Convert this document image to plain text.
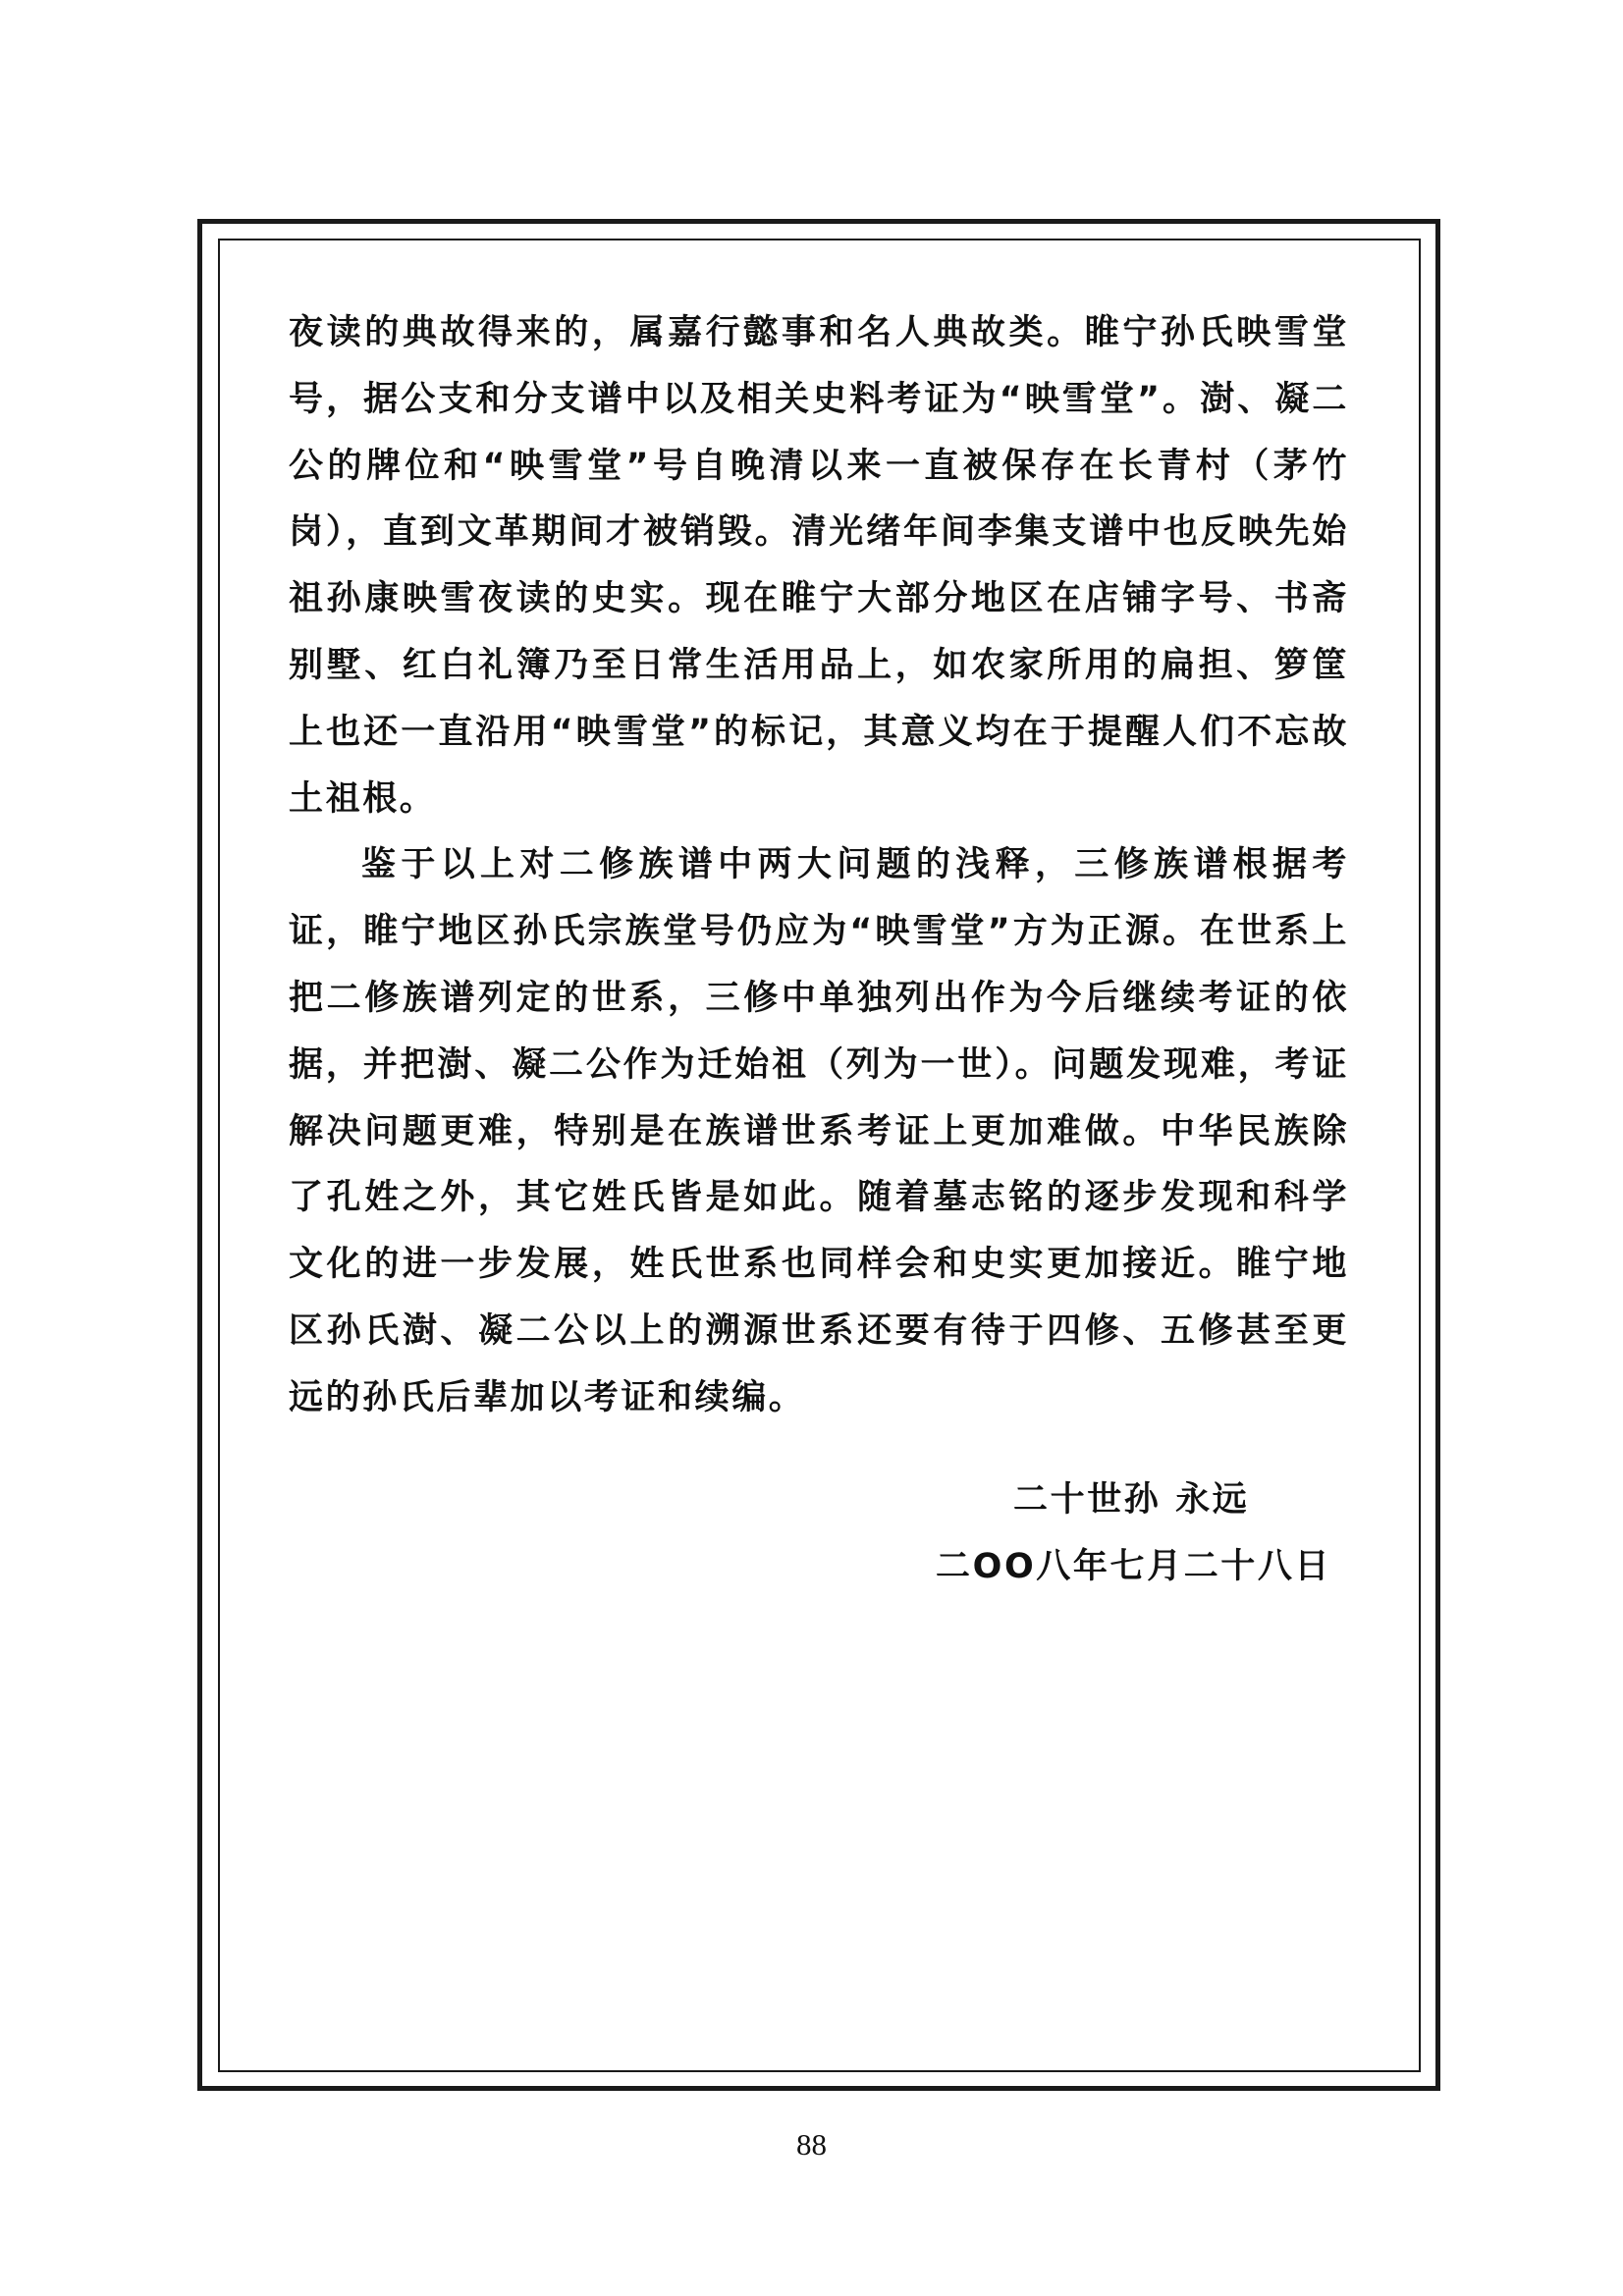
夜读的典故得来的，属嘉行懿事和名人典故类。睢宁孙氏映雪堂号，据公支和分支谱中以及相关史料考证为“映雪堂”。澍、凝二公的牌位和“映雪堂”号自晚清以来一直被保存在长青村（茅竹岗），直到文革期间才被销毁。清光绪年间李集支谱中也反映先始祖孙康映雪夜读的史实。现在睢宁大部分地区在店铺字号、书斋别墅、红白礼簿乃至日常生活用品上，如农家所用的扁担、箩筐上也还一直沿用“映雪堂”的标记，其意义均在于提醒人们不忘故土祖根。

鉴于以上对二修族谱中两大问题的浅释，三修族谱根据考证，睢宁地区孙氏宗族堂号仍应为“映雪堂”方为正源。在世系上把二修族谱列定的世系，三修中单独列出作为今后继续考证的依据，并把澍、凝二公作为迁始祖（列为一世）。问题发现难，考证解决问题更难，特别是在族谱世系考证上更加难做。中华民族除了孔姓之外，其它姓氏皆是如此。随着墓志铭的逐步发现和科学文化的进一步发展，姓氏世系也同样会和史实更加接近。睢宁地区孙氏澍、凝二公以上的溯源世系还要有待于四修、五修甚至更远的孙氏后辈加以考证和续编。

二十世孙 永远
二OO八年七月二十八日
88
